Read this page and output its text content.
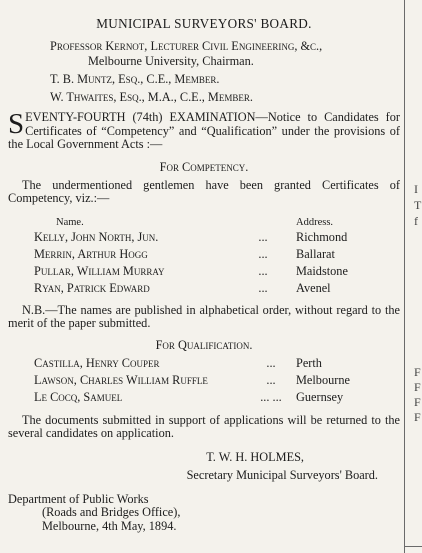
MUNICIPAL SURVEYORS' BOARD.
Professor Kernot, Lecturer Civil Engineering, &c.,
Melbourne University, Chairman.
T. B. Muntz, Esq., C.E., Member.
W. Thwaites, Esq., M.A., C.E., Member.
SEVENTY-FOURTH (74th) EXAMINATION—Notice to Candidates for Certificates of “Competency” and “Qualification” under the provisions of the Local Government Acts :—
For Competency.
The undermentioned gentlemen have been granted Certificates of Competency, viz.:—
Name.		Address.
Kelly, John North, Jun.	...	Richmond
Merrin, Arthur Hogg	...	Ballarat
Pullar, William Murray	...	Maidstone
Ryan, Patrick Edward	...	Avenel
N.B.—The names are published in alphabetical order, without regard to the merit of the paper submitted.
For Qualification.
Castilla, Henry Couper	...	Perth
Lawson, Charles William Ruffle	...	Melbourne
Le Cocq, Samuel	... ...	Guernsey
The documents submitted in support of applications will be returned to the several candidates on application.
T. W. H. HOLMES,
Secretary Municipal Surveyors' Board.
Department of Public Works
(Roads and Bridges Office),
Melbourne, 4th May, 1894.
I
T
f
F
F
F
F
